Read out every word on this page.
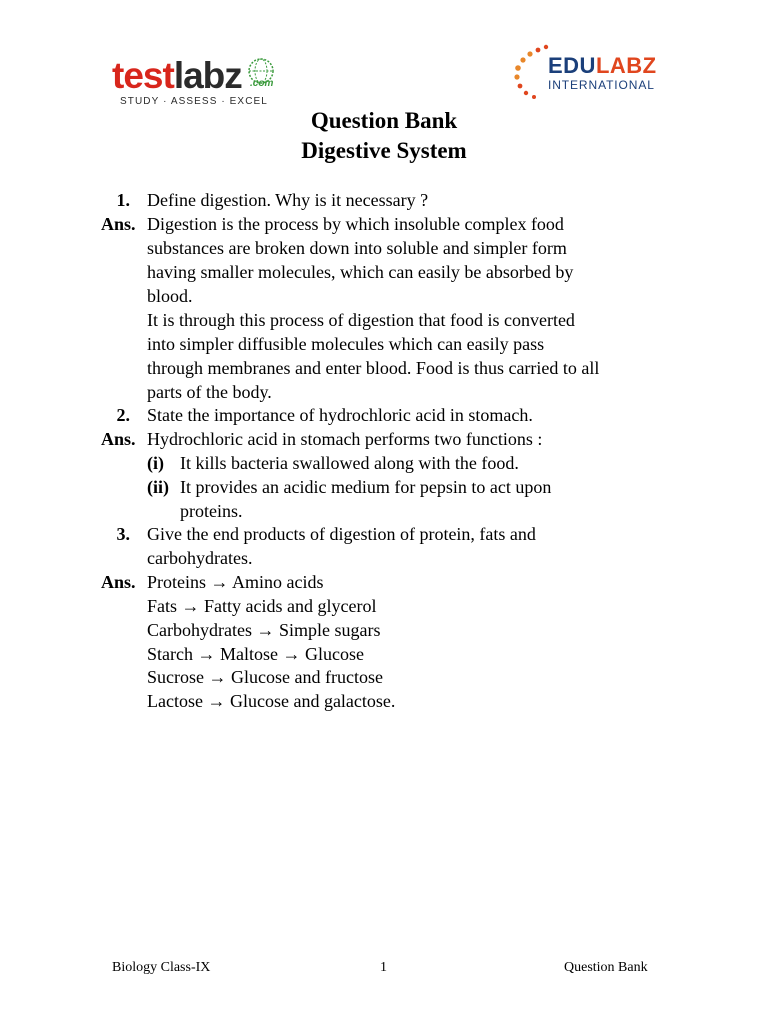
testlabz .com
STUDY · ASSESS · EXCEL
EDULABZ
INTERNATIONAL
Question Bank
Digestive System
1. Define digestion. Why is it necessary ?
Ans. Digestion is the process by which insoluble complex food
substances are broken down into soluble and simpler form
having smaller molecules, which can easily be absorbed by
blood.
It is through this process of digestion that food is converted
into simpler diffusible molecules which can easily pass
through membranes and enter blood. Food is thus carried to all
parts of the body.
2. State the importance of hydrochloric acid in stomach.
Ans. Hydrochloric acid in stomach performs two functions :
(i) It kills bacteria swallowed along with the food.
(ii) It provides an acidic medium for pepsin to act upon
proteins.
3. Give the end products of digestion of protein, fats and
carbohydrates.
Ans. Proteins → Amino acids
Fats → Fatty acids and glycerol
Carbohydrates → Simple sugars
Starch → Maltose → Glucose
Sucrose → Glucose and fructose
Lactose → Glucose and galactose.
Biology Class-IX	1	Question Bank
